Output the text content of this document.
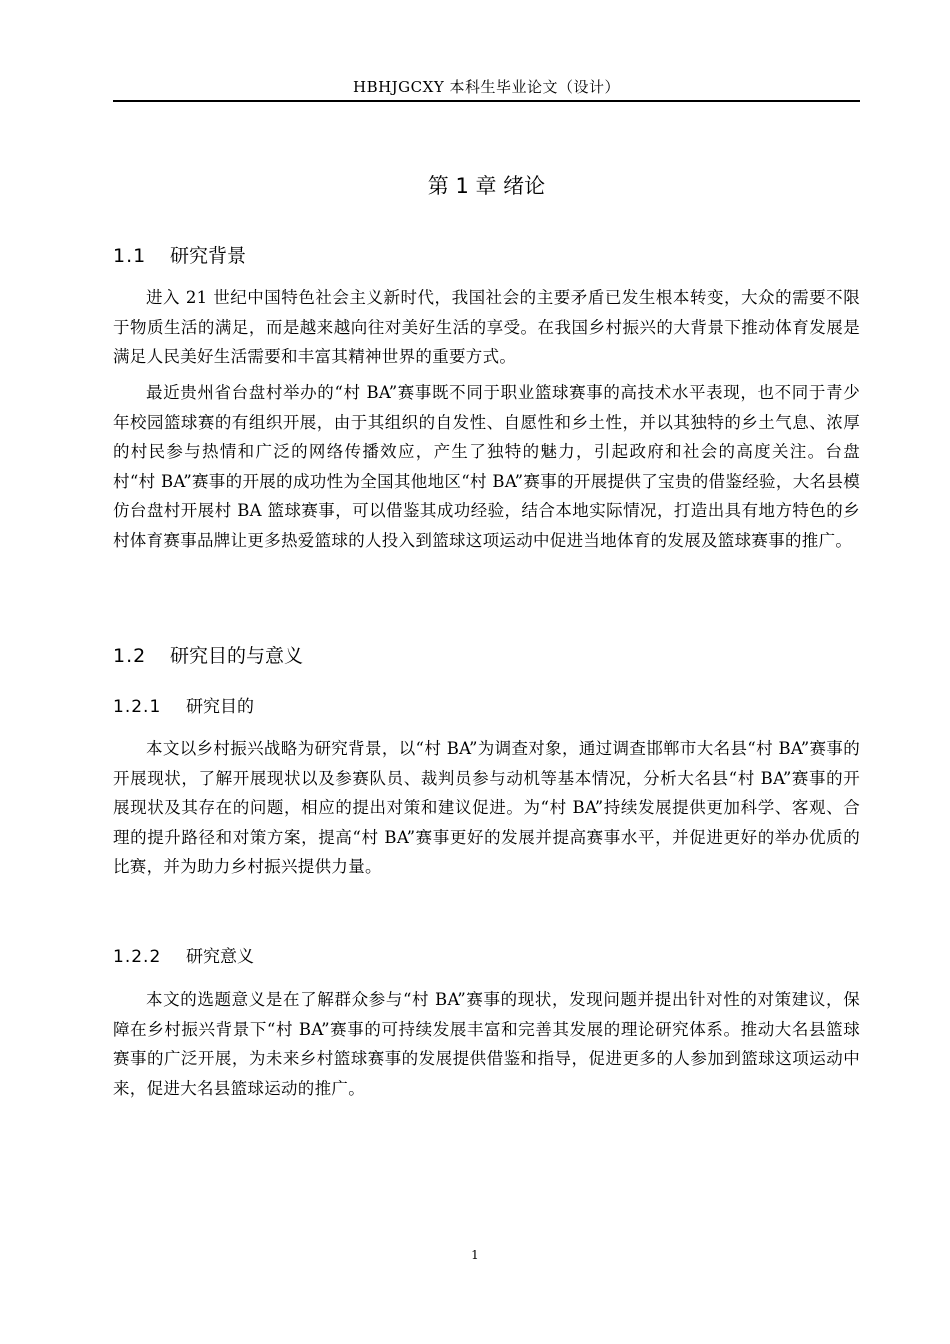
HBHJGCXY 本科生毕业论文（设计）
第 1 章 绪论
1.1 研究背景

进入 21 世纪中国特色社会主义新时代，我国社会的主要矛盾已发生根本转变，大众的需要不限于物质生活的满足，而是越来越向往对美好生活的享受。在我国乡村振兴的大背景下推动体育发展是满足人民美好生活需要和丰富其精神世界的重要方式。

最近贵州省台盘村举办的“村 BA”赛事既不同于职业篮球赛事的高技术水平表现，也不同于青少年校园篮球赛的有组织开展，由于其组织的自发性、自愿性和乡土性，并以其独特的乡土气息、浓厚的村民参与热情和广泛的网络传播效应，产生了独特的魅力，引起政府和社会的高度关注。台盘村“村 BA”赛事的开展的成功性为全国其他地区“村 BA”赛事的开展提供了宝贵的借鉴经验，大名县模仿台盘村开展村 BA 篮球赛事，可以借鉴其成功经验，结合本地实际情况，打造出具有地方特色的乡村体育赛事品牌让更多热爱篮球的人投入到篮球这项运动中促进当地体育的发展及篮球赛事的推广。

1.2 研究目的与意义
1.2.1 研究目的

本文以乡村振兴战略为研究背景，以“村 BA”为调查对象，通过调查邯郸市大名县“村 BA”赛事的开展现状，了解开展现状以及参赛队员、裁判员参与动机等基本情况，分析大名县“村 BA”赛事的开展现状及其存在的问题，相应的提出对策和建议促进。为“村 BA”持续发展提供更加科学、客观、合理的提升路径和对策方案，提高“村 BA”赛事更好的发展并提高赛事水平，并促进更好的举办优质的比赛，并为助力乡村振兴提供力量。

1.2.2 研究意义

本文的选题意义是在了解群众参与“村 BA”赛事的现状，发现问题并提出针对性的对策建议，保障在乡村振兴背景下“村 BA”赛事的可持续发展丰富和完善其发展的理论研究体系。推动大名县篮球赛事的广泛开展，为未来乡村篮球赛事的发展提供借鉴和指导，促进更多的人参加到篮球这项运动中来，促进大名县篮球运动的推广。

1
